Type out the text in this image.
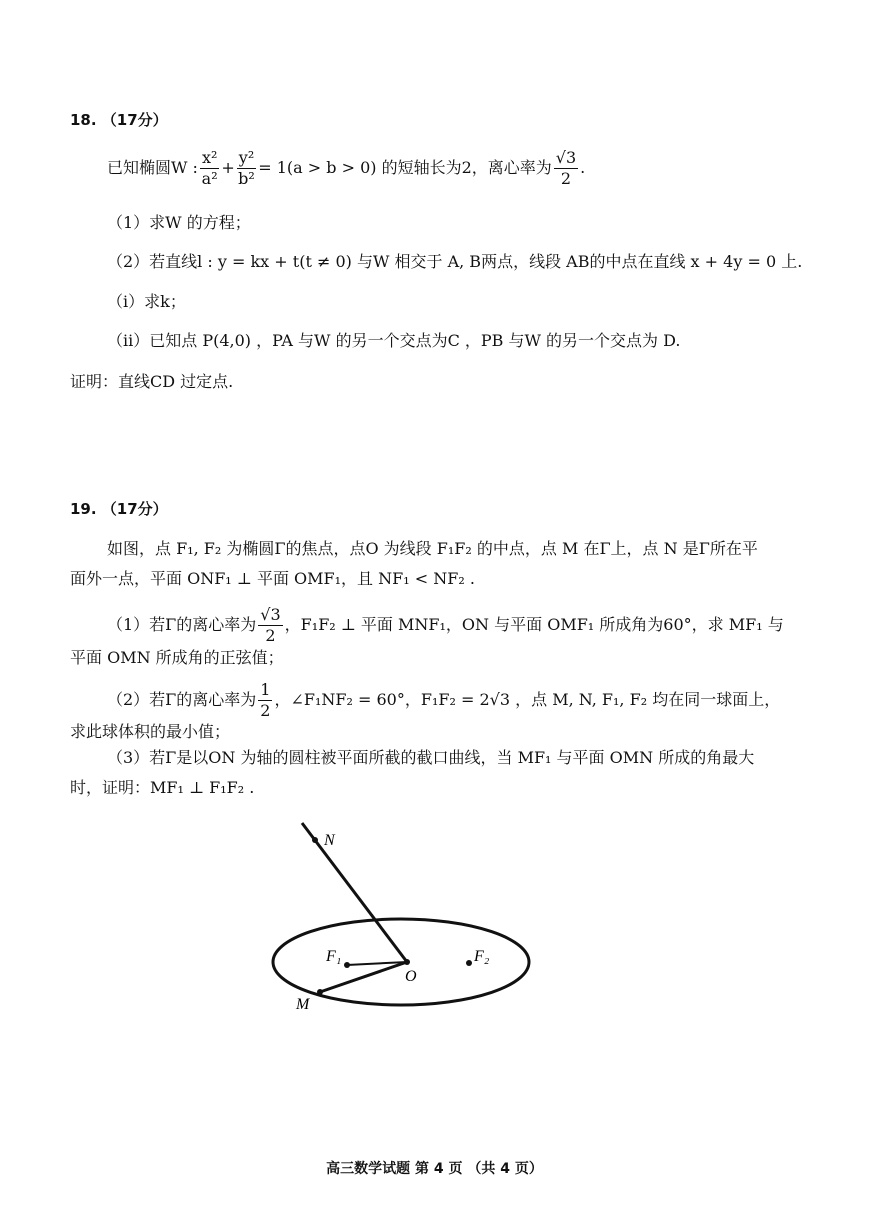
18. （17分）
已知椭圆W : $\frac{\text{x²}}{\text{a²}} + \frac{\text{y²}}{\text{b²}} = 1(a > b > 0)$ 的短轴长为2，离心率为 $\frac{√3}{2}$ .
（1）求W 的方程；
（2）若直线l : y = kx + t(t ≠ 0) 与W 相交于 A, B两点，线段 AB的中点在直线 x + 4y = 0 上.
（ⅰ）求k；
（ⅱ）已知点 P(4,0) ，PA 与W 的另一个交点为C ，PB 与W 的另一个交点为 D.
证明：直线CD 过定点.
19. （17分）
如图，点 F₁, F₂ 为椭圆Γ的焦点，点O 为线段 F₁F₂ 的中点，点 M 在Γ上，点 N 是Γ所在平
面外一点，平面 ONF₁ ⊥ 平面 OMF₁，且 NF₁ < NF₂ .
（1）若Γ的离心率为 $\frac{√3}{2}$ ，F₁F₂ ⊥ 平面 MNF₁，ON 与平面 OMF₁ 所成角为60°，求 MF₁ 与
平面 OMN 所成角的正弦值；
（2）若Γ的离心率为 $\frac{1}{2}$ ，∠F₁NF₂ = 60°，F₁F₂ = 2√3 ，点 M, N, F₁, F₂ 均在同一球面上，
求此球体积的最小值；
（3）若Γ是以ON 为轴的圆柱被平面所截的截口曲线，当 MF₁ 与平面 OMN 所成的角最大
时，证明：MF₁ ⊥ F₁F₂ .
N
F₁
O
F₂
M
高三数学试题 第 4 页 （共 4 页）
